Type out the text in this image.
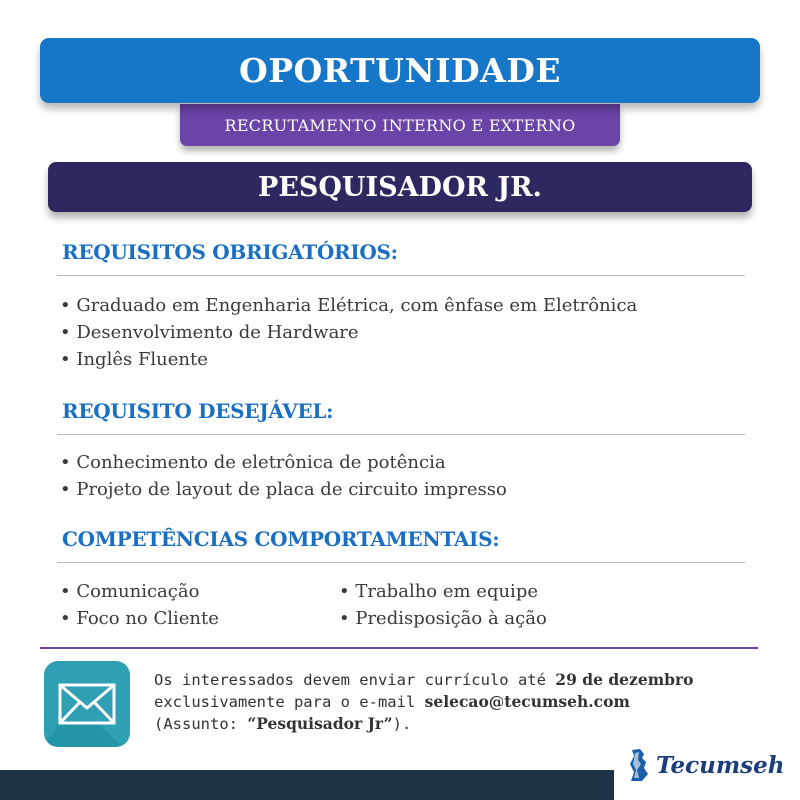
RECRUTAMENTO INTERNO E EXTERNO
OPORTUNIDADE
PESQUISADOR JR.
REQUISITOS OBRIGATÓRIOS:
• Graduado em Engenharia Elétrica, com ênfase em Eletrônica
• Desenvolvimento de Hardware
• Inglês Fluente
REQUISITO DESEJÁVEL:
• Conhecimento de eletrônica de potência
• Projeto de layout de placa de circuito impresso
COMPETÊNCIAS COMPORTAMENTAIS:
• Comunicação
• Foco no Cliente
• Trabalho em equipe
• Predisposição à ação
Os interessados devem enviar currículo até 29 de dezembro
exclusivamente para o e-mail selecao@tecumseh.com
(Assunto: “Pesquisador Jr”).
Tecumseh
